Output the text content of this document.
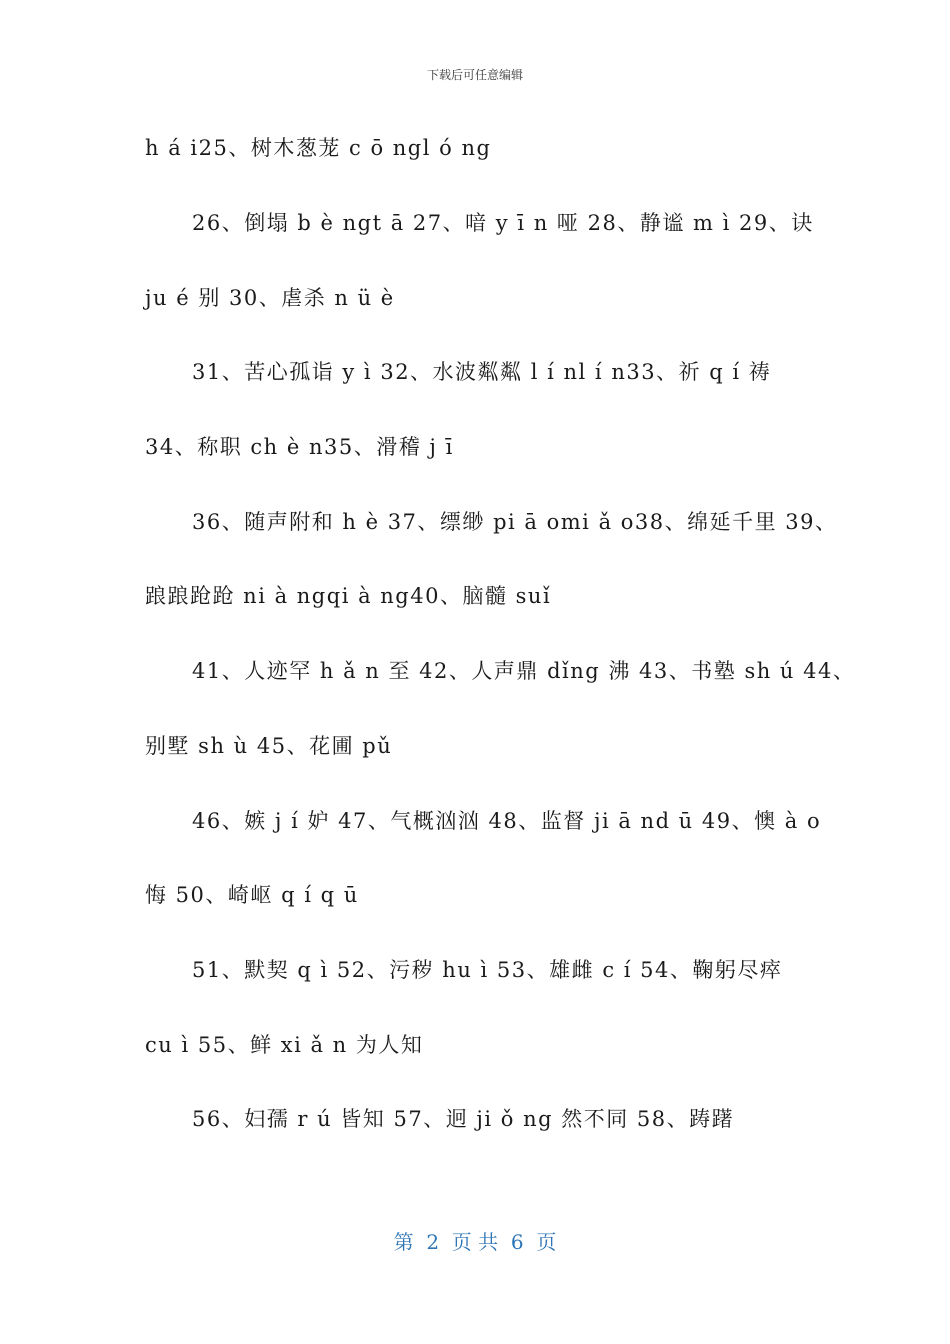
下载后可任意编辑
h á i25、树木葱茏 c ō ngl ó ng
26、倒塌 b è ngt ā 27、喑 y ī n 哑 28、静谧 m ì 29、诀
ju é 别 30、虐杀 n ü è
31、苦心孤诣 y ì 32、水波粼粼 l í nl í n33、祈 q í 祷
34、称职 ch è n35、滑稽 j ī
36、随声附和 h è 37、缥缈 pi ā omi ǎ o38、绵延千里 39、
踉踉跄跄 ni à ngqi à ng40、脑髓 suǐ
41、人迹罕 h ǎ n 至 42、人声鼎 dǐng 沸 43、书塾 sh ú 44、
别墅 sh ù 45、花圃 pǔ
46、嫉 j í 妒 47、气概汹汹 48、监督 ji ā nd ū 49、懊 à o
悔 50、崎岖 q í q ū
51、默契 q ì 52、污秽 hu ì 53、雄雌 c í 54、鞠躬尽瘁
cu ì 55、鲜 xi ǎ n 为人知
56、妇孺 r ú 皆知 57、迥 ji ǒ ng 然不同 58、踌躇
第  2  页 共  6  页
